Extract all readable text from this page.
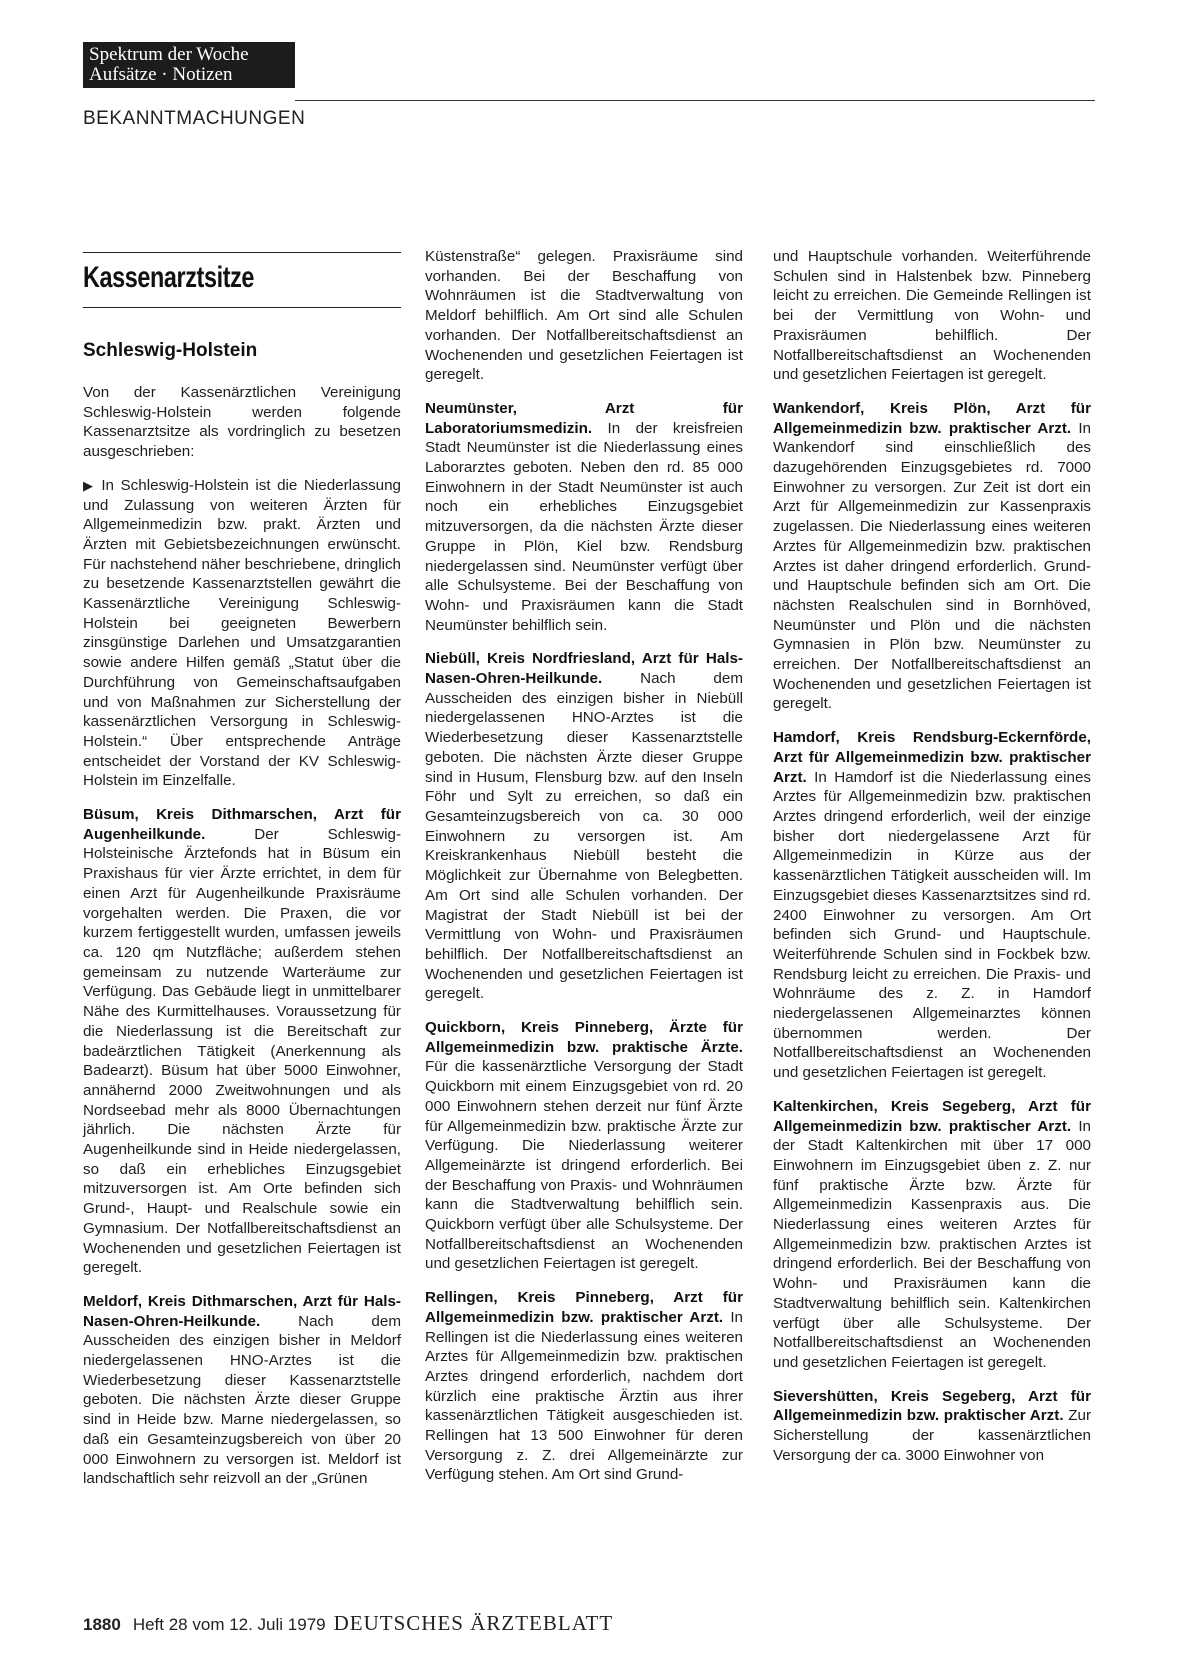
Spektrum der Woche
Aufsätze · Notizen
BEKANNTMACHUNGEN
Kassenarztsitze
Schleswig-Holstein

Von der Kassenärztlichen Vereinigung Schleswig-Holstein werden folgende Kassenarztsitze als vordringlich zu besetzen ausgeschrieben:

▶ In Schleswig-Holstein ist die Niederlassung und Zulassung von weiteren Ärzten für Allgemeinmedizin bzw. prakt. Ärzten und Ärzten mit Gebietsbezeichnungen erwünscht. Für nachstehend näher beschriebene, dringlich zu besetzende Kassenarztstellen gewährt die Kassenärztliche Vereinigung Schleswig-Holstein bei geeigneten Bewerbern zinsgünstige Darlehen und Umsatzgarantien sowie andere Hilfen gemäß „Statut über die Durchführung von Gemeinschaftsaufgaben und von Maßnahmen zur Sicherstellung der kassenärztlichen Versorgung in Schleswig-Holstein.“ Über entsprechende Anträge entscheidet der Vorstand der KV Schleswig-Holstein im Einzelfalle.

Büsum, Kreis Dithmarschen, Arzt für Augenheilkunde.	Der Schleswig-Holsteinische Ärztefonds hat in Büsum ein Praxishaus für vier Ärzte errichtet, in dem für einen Arzt für Augenheilkunde Praxisräume vorgehalten werden. Die Praxen, die vor kurzem fertiggestellt wurden, umfassen jeweils ca. 120 qm Nutzfläche; außerdem stehen gemeinsam zu nutzende Warteräume zur Verfügung. Das Gebäude liegt in unmittelbarer Nähe des Kurmittelhauses. Voraussetzung für die Niederlassung ist die Bereitschaft zur badeärztlichen Tätigkeit (Anerkennung als Badearzt). Büsum hat über 5000 Einwohner, annähernd 2000 Zweitwohnungen und als Nordseebad mehr als 8000 Übernachtungen jährlich. Die nächsten Ärzte für Augenheilkunde sind in Heide niedergelassen, so daß ein erhebliches Einzugsgebiet mitzuversorgen ist. Am Orte befinden sich Grund-, Haupt- und Realschule sowie ein Gymnasium. Der Notfallbereitschaftsdienst an Wochenenden und gesetzlichen Feiertagen ist geregelt.

Meldorf, Kreis Dithmarschen, Arzt für Hals-Nasen-Ohren-Heilkunde. Nach dem Ausscheiden des einzigen bisher in Meldorf niedergelassenen HNO-Arztes ist die Wiederbesetzung dieser Kassenarztstelle geboten. Die nächsten Ärzte dieser Gruppe sind in Heide bzw. Marne niedergelassen, so daß ein Gesamteinzugsbereich von über 20 000 Einwohnern zu versorgen ist. Meldorf ist landschaftlich sehr reizvoll an der „Grünen

Küstenstraße“ gelegen. Praxisräume sind vorhanden. Bei der Beschaffung von Wohnräumen ist die Stadtverwaltung von Meldorf behilflich. Am Ort sind alle Schulen vorhanden. Der Notfallbereitschaftsdienst an Wochenenden und gesetzlichen Feiertagen ist geregelt.

Neumünster, Arzt für Laboratoriumsmedizin. In der kreisfreien Stadt Neumünster ist die Niederlassung eines Laborarztes geboten. Neben den rd. 85 000 Einwohnern in der Stadt Neumünster ist auch noch ein erhebliches Einzugsgebiet mitzuversorgen, da die nächsten Ärzte dieser Gruppe in Plön, Kiel bzw. Rendsburg niedergelassen sind. Neumünster verfügt über alle Schulsysteme. Bei der Beschaffung von Wohn- und Praxisräumen kann die Stadt Neumünster behilflich sein.

Niebüll, Kreis Nordfriesland, Arzt für Hals-Nasen-Ohren-Heilkunde. Nach dem Ausscheiden des einzigen bisher in Niebüll niedergelassenen HNO-Arztes ist die Wiederbesetzung dieser Kassenarztstelle geboten. Die nächsten Ärzte dieser Gruppe sind in Husum, Flensburg bzw. auf den Inseln Föhr und Sylt zu erreichen, so daß ein Gesamteinzugsbereich von ca. 30 000 Einwohnern zu versorgen ist. Am Kreiskrankenhaus Niebüll besteht die Möglichkeit zur Übernahme von Belegbetten. Am Ort sind alle Schulen vorhanden. Der Magistrat der Stadt Niebüll ist bei der Vermittlung von Wohn- und Praxisräumen behilflich. Der Notfallbereitschaftsdienst an Wochenenden und gesetzlichen Feiertagen ist geregelt.

Quickborn, Kreis Pinneberg, Ärzte für Allgemeinmedizin bzw. praktische Ärzte. Für die kassenärztliche Versorgung der Stadt Quickborn mit einem Einzugsgebiet von rd. 20 000 Einwohnern stehen derzeit nur fünf Ärzte für Allgemeinmedizin bzw. praktische Ärzte zur Verfügung. Die Niederlassung weiterer Allgemeinärzte ist dringend erforderlich. Bei der Beschaffung von Praxis- und Wohnräumen kann die Stadtverwaltung behilflich sein. Quickborn verfügt über alle Schulsysteme. Der Notfallbereitschaftsdienst an Wochenenden und gesetzlichen Feiertagen ist geregelt.

Rellingen, Kreis Pinneberg, Arzt für Allgemeinmedizin bzw. praktischer Arzt. In Rellingen ist die Niederlassung eines weiteren Arztes für Allgemeinmedizin bzw. praktischen Arztes dringend erforderlich, nachdem dort kürzlich eine praktische Ärztin aus ihrer kassenärztlichen Tätigkeit ausgeschieden ist. Rellingen hat 13 500 Einwohner für deren Versorgung z. Z. drei Allgemeinärzte zur Verfügung stehen. Am Ort sind Grund-

und Hauptschule vorhanden. Weiterführende Schulen sind in Halstenbek bzw. Pinneberg leicht zu erreichen. Die Gemeinde Rellingen ist bei der Vermittlung von Wohn- und Praxisräumen behilflich. Der Notfallbereitschaftsdienst an Wochenenden und gesetzlichen Feiertagen ist geregelt.

Wankendorf, Kreis Plön, Arzt für Allgemeinmedizin bzw. praktischer Arzt. In Wankendorf sind einschließlich des dazugehörenden Einzugsgebietes rd. 7000 Einwohner zu versorgen. Zur Zeit ist dort ein Arzt für Allgemeinmedizin zur Kassenpraxis zugelassen. Die Niederlassung eines weiteren Arztes für Allgemeinmedizin bzw. praktischen Arztes ist daher dringend erforderlich. Grund- und Hauptschule befinden sich am Ort. Die nächsten Realschulen sind in Bornhöved, Neumünster und Plön und die nächsten Gymnasien in Plön bzw. Neumünster zu erreichen. Der Notfallbereitschaftsdienst an Wochenenden und gesetzlichen Feiertagen ist geregelt.

Hamdorf, Kreis Rendsburg-Eckernförde, Arzt für Allgemeinmedizin bzw. praktischer Arzt. In Hamdorf ist die Niederlassung eines Arztes für Allgemeinmedizin bzw. praktischen Arztes dringend erforderlich, weil der einzige bisher dort niedergelassene Arzt für Allgemeinmedizin in Kürze aus der kassenärztlichen Tätigkeit ausscheiden will. Im Einzugsgebiet dieses Kassenarztsitzes sind rd. 2400 Einwohner zu versorgen. Am Ort befinden sich Grund- und Hauptschule. Weiterführende Schulen sind in Fockbek bzw. Rendsburg leicht zu erreichen. Die Praxis- und Wohnräume des z. Z. in Hamdorf niedergelassenen Allgemeinarztes können übernommen werden. Der Notfallbereitschaftsdienst an Wochenenden und gesetzlichen Feiertagen ist geregelt.

Kaltenkirchen, Kreis Segeberg, Arzt für Allgemeinmedizin bzw. praktischer Arzt. In der Stadt Kaltenkirchen mit über 17 000 Einwohnern im Einzugsgebiet üben z. Z. nur fünf praktische Ärzte bzw. Ärzte für Allgemeinmedizin Kassenpraxis aus. Die Niederlassung eines weiteren Arztes für Allgemeinmedizin bzw. praktischen Arztes ist dringend erforderlich. Bei der Beschaffung von Wohn- und Praxisräumen kann die Stadtverwaltung behilflich sein. Kaltenkirchen verfügt über alle Schulsysteme. Der Notfallbereitschaftsdienst an Wochenenden und gesetzlichen Feiertagen ist geregelt.

Sievershütten, Kreis Segeberg, Arzt für Allgemeinmedizin bzw. praktischer Arzt. Zur Sicherstellung der kassenärztlichen Versorgung der ca. 3000 Einwohner von

1880 Heft 28 vom 12. Juli 1979 DEUTSCHES ÄRZTEBLATT
